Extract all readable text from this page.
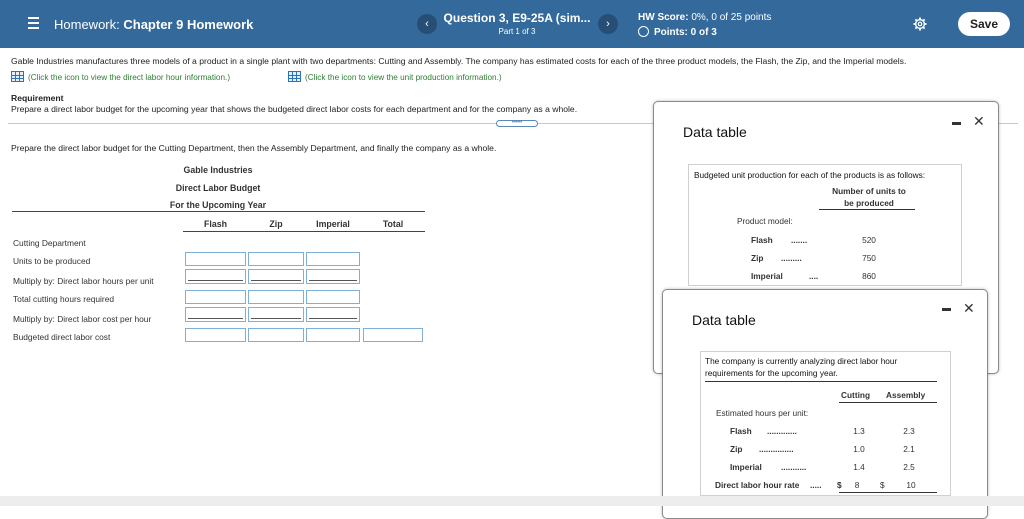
Homework: Chapter 9 Homework	‹	Question 3, E9-25A (sim...
Part 1 of 3
›
HW Score: 0%, 0 of 25 points
Points: 0 of 3
Save
Gable Industries manufactures three models of a product in a single plant with two departments: Cutting and Assembly. The company has estimated costs for each of the three product models, the Flash, the Zip, and the Imperial models.
(Click the icon to view the direct labor hour information.)	(Click the icon to view the unit production information.)
Requirement
Prepare a direct labor budget for the upcoming year that shows the budgeted direct labor costs for each department and for the company as a whole.
•••••
Prepare the direct labor budget for the Cutting Department, then the Assembly Department, and finally the company as a whole.
Gable Industries
Direct Labor Budget
For the Upcoming Year
Flash	Zip	Imperial	Total
Cutting Department
Units to be produced
Multiply by: Direct labor hours per unit
Total cutting hours required
Multiply by: Direct labor cost per hour
Budgeted direct labor cost
Data table
✕
Budgeted unit production for each of the products is as follows:
Number of units to
be produced
Product model:
Flash .......	520
Zip .........	750
Imperial	....	860
Data table
✕
The company is currently analyzing direct labor hour
requirements for the upcoming year.
Cutting Assembly
Estimated hours per unit:
Flash .............	1.3	2.3
Zip ...............	1.0	2.1
Imperial ...........	1.4	2.5
Direct labor hour rate ..... $	8	$	10
